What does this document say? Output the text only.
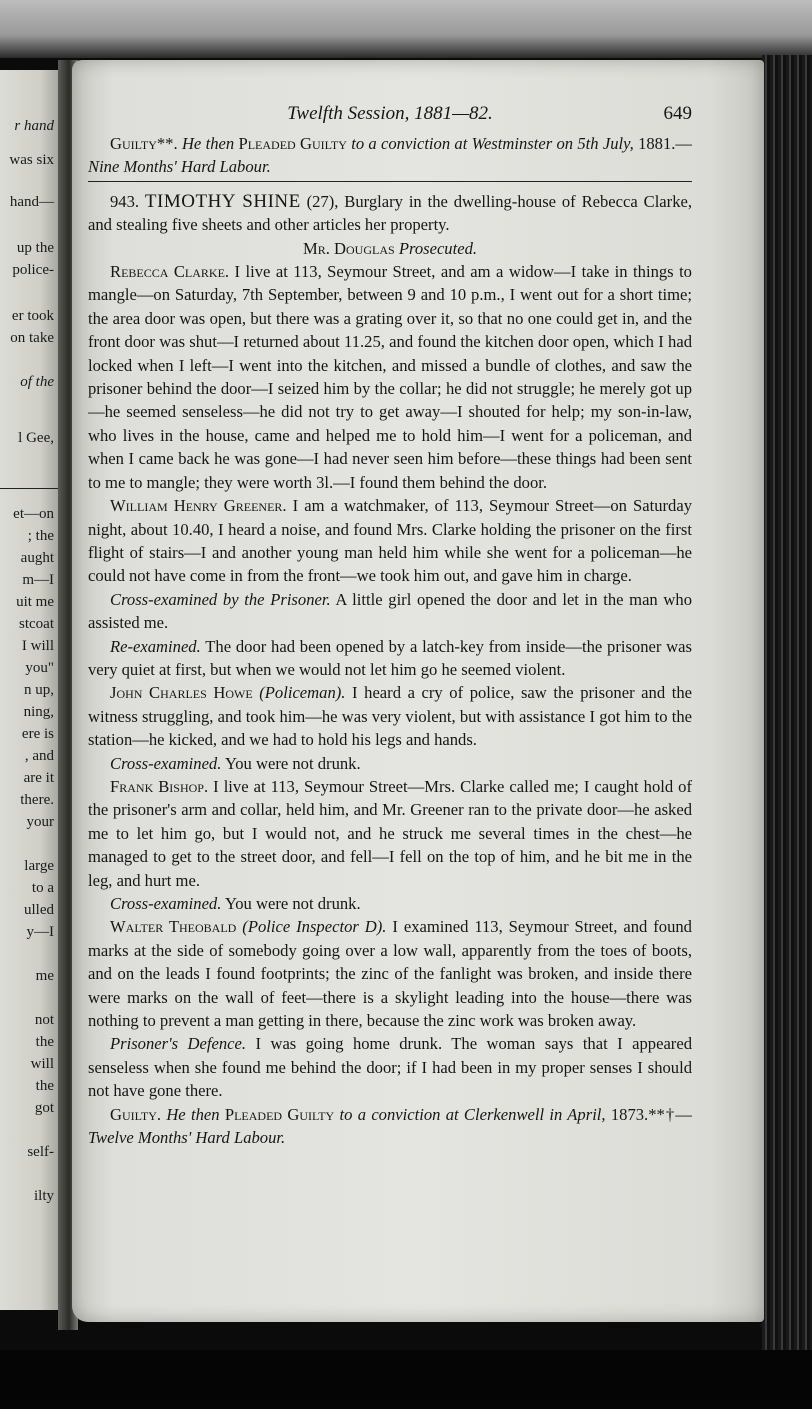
r hand
was six
hand—
up the
police-
er took
on take
of the
l Gee,
et—on
; the
aught
m—I
uit me
stcoat
I will
you"
n up,
ning,
ere is
, and
are it
there.
your
large
to a
ulled
y—I
me
not
the
will
the
got
self-
ilty
Twelfth Session, 1881—82.	649

Guilty**. He then Pleaded Guilty to a conviction at Westminster on 5th July, 1881.—Nine Months' Hard Labour.

943. TIMOTHY SHINE (27), Burglary in the dwelling-house of Rebecca Clarke, and stealing five sheets and other articles her property.

Mr. Douglas Prosecuted.

Rebecca Clarke. I live at 113, Seymour Street, and am a widow—I take in things to mangle—on Saturday, 7th September, between 9 and 10 p.m., I went out for a short time; the area door was open, but there was a grating over it, so that no one could get in, and the front door was shut—I returned about 11.25, and found the kitchen door open, which I had locked when I left—I went into the kitchen, and missed a bundle of clothes, and saw the prisoner behind the door—I seized him by the collar; he did not struggle; he merely got up—he seemed senseless—he did not try to get away—I shouted for help; my son-in-law, who lives in the house, came and helped me to hold him—I went for a policeman, and when I came back he was gone—I had never seen him before—these things had been sent to me to mangle; they were worth 3l.—I found them behind the door.

William Henry Greener. I am a watchmaker, of 113, Seymour Street—on Saturday night, about 10.40, I heard a noise, and found Mrs. Clarke holding the prisoner on the first flight of stairs—I and another young man held him while she went for a policeman—he could not have come in from the front—we took him out, and gave him in charge.

Cross-examined by the Prisoner. A little girl opened the door and let in the man who assisted me.

Re-examined. The door had been opened by a latch-key from inside—the prisoner was very quiet at first, but when we would not let him go he seemed violent.

John Charles Howe (Policeman). I heard a cry of police, saw the prisoner and the witness struggling, and took him—he was very violent, but with assistance I got him to the station—he kicked, and we had to hold his legs and hands.

Cross-examined. You were not drunk.

Frank Bishop. I live at 113, Seymour Street—Mrs. Clarke called me; I caught hold of the prisoner's arm and collar, held him, and Mr. Greener ran to the private door—he asked me to let him go, but I would not, and he struck me several times in the chest—he managed to get to the street door, and fell—I fell on the top of him, and he bit me in the leg, and hurt me.

Cross-examined. You were not drunk.

Walter Theobald (Police Inspector D). I examined 113, Seymour Street, and found marks at the side of somebody going over a low wall, apparently from the toes of boots, and on the leads I found footprints; the zinc of the fanlight was broken, and inside there were marks on the wall of feet—there is a skylight leading into the house—there was nothing to prevent a man getting in there, because the zinc work was broken away.

Prisoner's Defence. I was going home drunk. The woman says that I appeared senseless when she found me behind the door; if I had been in my proper senses I should not have gone there.

Guilty. He then Pleaded Guilty to a conviction at Clerkenwell in April, 1873.**†—Twelve Months' Hard Labour.
